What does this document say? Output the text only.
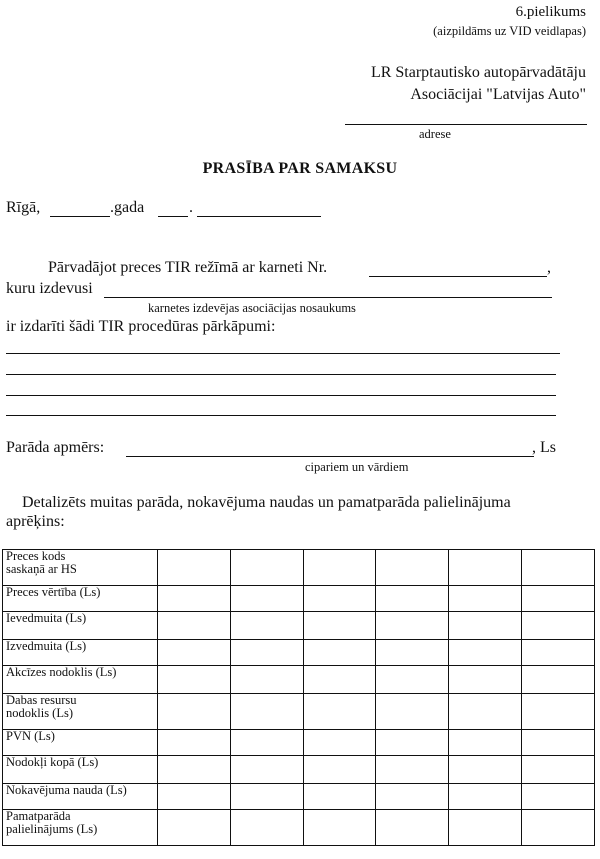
6.pielikums
(aizpildāms uz VID veidlapas)
LR Starptautisko autopārvadātāju
Asociācijai "Latvijas Auto"
adrese
PRASĪBA PAR SAMAKSU
Rīgā,	.gada	.
Pārvadājot preces TIR režīmā ar karneti Nr.	,
kuru izdevusi
karnetes izdevējas asociācijas nosaukums
ir izdarīti šādi TIR procedūras pārkāpumi:
Parāda apmērs:	, Ls
cipariem un vārdiem
Detalizēts muitas parāda, nokavējuma naudas un pamatparāda palielinājuma
aprēķins:
Preces kods
saskaņā ar HS						

Preces vērtība (Ls)						

Ievedmuita (Ls)						

Izvedmuita (Ls)						

Akcīzes nodoklis (Ls)						

Dabas resursu
nodoklis (Ls)						

PVN (Ls)						

Nodokļi kopā (Ls)						

Nokavējuma nauda (Ls)						

Pamatparāda
palielinājums (Ls)						
